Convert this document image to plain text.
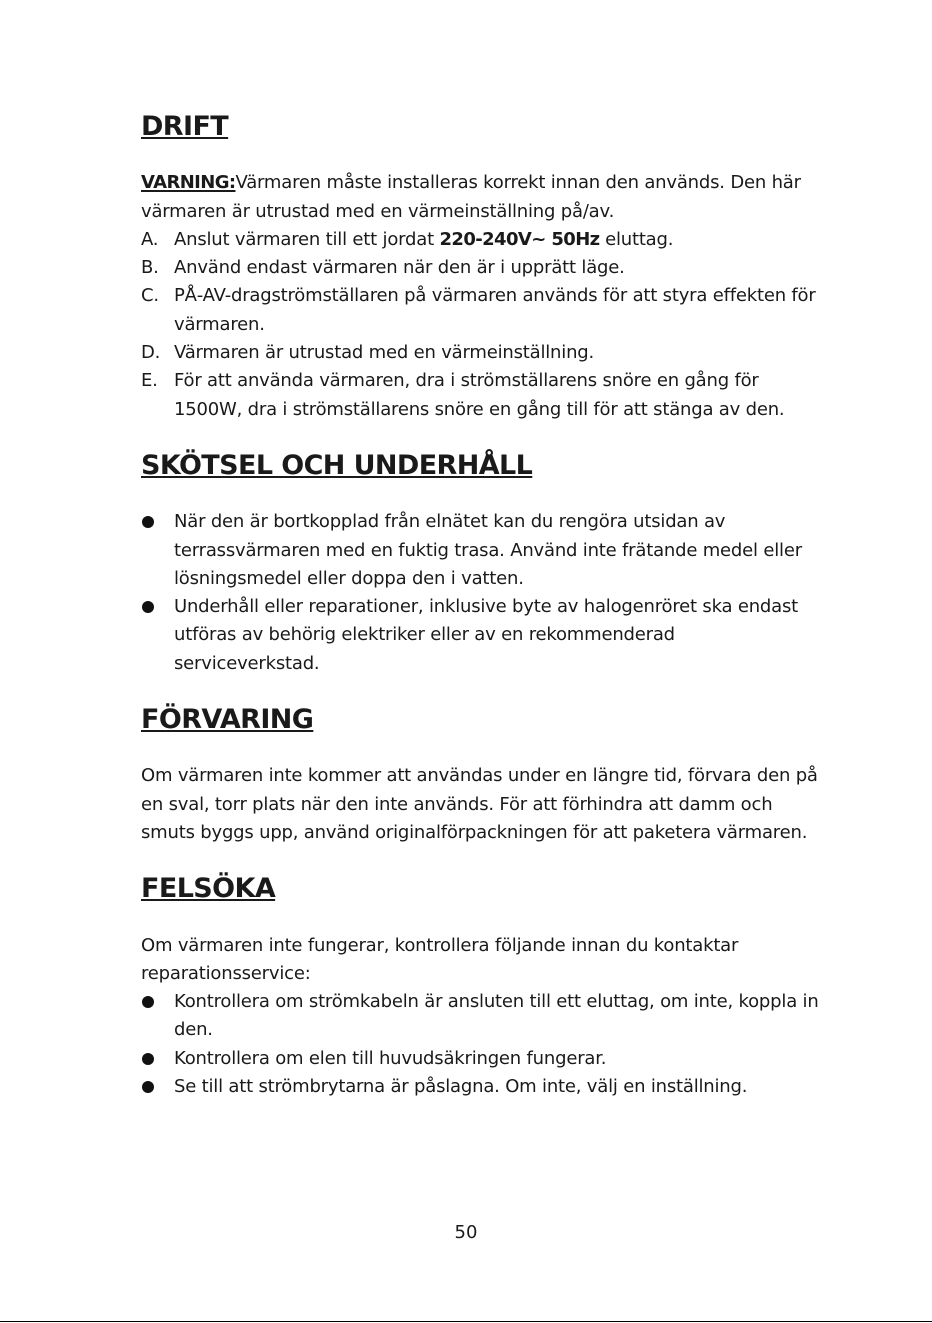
DRIFT

VARNING:Värmaren måste installeras korrekt innan den används. Den här värmaren är utrustad med en värmeinställning på/av.

A. Anslut värmaren till ett jordat 220-240V~ 50Hz eluttag.
B. Använd endast värmaren när den är i upprätt läge.
C. PÅ-AV-dragströmställaren på värmaren används för att styra effekten för värmaren.
D. Värmaren är utrustad med en värmeinställning.
E. För att använda värmaren, dra i strömställarens snöre en gång för 1500W, dra i strömställarens snöre en gång till för att stänga av den.
SKÖTSEL OCH UNDERHÅLL
När den är bortkopplad från elnätet kan du rengöra utsidan av terrassvärmaren med en fuktig trasa. Använd inte frätande medel eller lösningsmedel eller doppa den i vatten.
Underhåll eller reparationer, inklusive byte av halogenröret ska endast utföras av behörig elektriker eller av en rekommenderad serviceverkstad.
FÖRVARING

Om värmaren inte kommer att användas under en längre tid, förvara den på en sval, torr plats när den inte används. För att förhindra att damm och smuts byggs upp, använd originalförpackningen för att paketera värmaren.

FELSÖKA

Om värmaren inte fungerar, kontrollera följande innan du kontaktar reparationsservice:

Kontrollera om strömkabeln är ansluten till ett eluttag, om inte, koppla in den.
Kontrollera om elen till huvudsäkringen fungerar.
Se till att strömbrytarna är påslagna. Om inte, välj en inställning.
50
